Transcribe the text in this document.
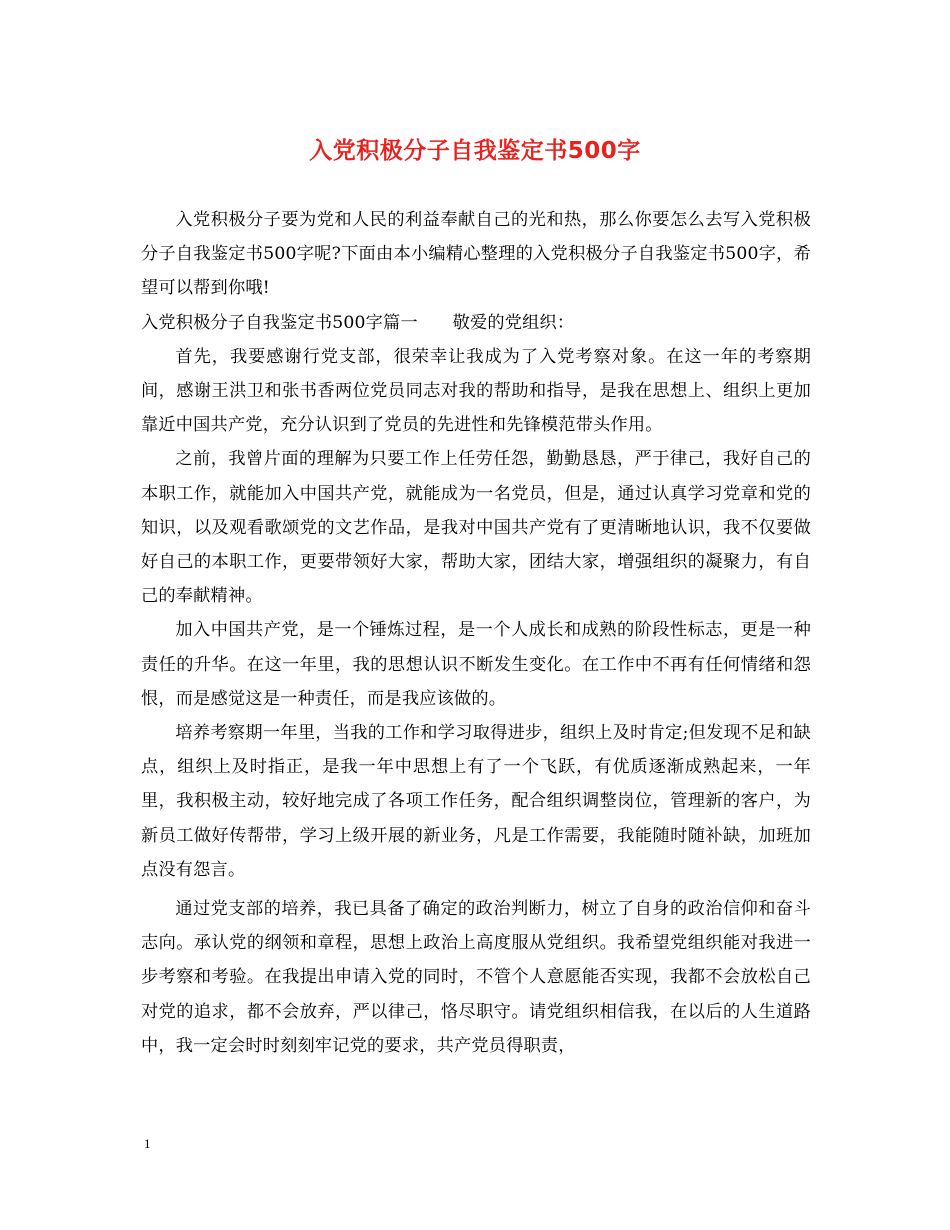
入党积极分子自我鉴定书500字

入党积极分子要为党和人民的利益奉献自己的光和热，那么你要怎么去写入党积极分子自我鉴定书500字呢?下面由本小编精心整理的入党积极分子自我鉴定书500字，希望可以帮到你哦!

入党积极分子自我鉴定书500字篇一　　敬爱的党组织：

首先，我要感谢行党支部，很荣幸让我成为了入党考察对象。在这一年的考察期间，感谢王洪卫和张书香两位党员同志对我的帮助和指导，是我在思想上、组织上更加靠近中国共产党，充分认识到了党员的先进性和先锋模范带头作用。

之前，我曾片面的理解为只要工作上任劳任怨，勤勤恳恳，严于律己，我好自己的本职工作，就能加入中国共产党，就能成为一名党员，但是，通过认真学习党章和党的知识，以及观看歌颂党的文艺作品，是我对中国共产党有了更清晰地认识，我不仅要做好自己的本职工作，更要带领好大家，帮助大家，团结大家，增强组织的凝聚力，有自己的奉献精神。

加入中国共产党，是一个锤炼过程，是一个人成长和成熟的阶段性标志，更是一种责任的升华。在这一年里，我的思想认识不断发生变化。在工作中不再有任何情绪和怨恨，而是感觉这是一种责任，而是我应该做的。

培养考察期一年里，当我的工作和学习取得进步，组织上及时肯定;但发现不足和缺点，组织上及时指正，是我一年中思想上有了一个飞跃，有优质逐渐成熟起来，一年里，我积极主动，较好地完成了各项工作任务，配合组织调整岗位，管理新的客户，为新员工做好传帮带，学习上级开展的新业务，凡是工作需要，我能随时随补缺，加班加点没有怨言。

通过党支部的培养，我已具备了确定的政治判断力，树立了自身的政治信仰和奋斗志向。承认党的纲领和章程，思想上政治上高度服从党组织。我希望党组织能对我进一步考察和考验。在我提出申请入党的同时，不管个人意愿能否实现，我都不会放松自己对党的追求，都不会放弃，严以律己，恪尽职守。请党组织相信我，在以后的人生道路中，我一定会时时刻刻牢记党的要求，共产党员得职责，

1
